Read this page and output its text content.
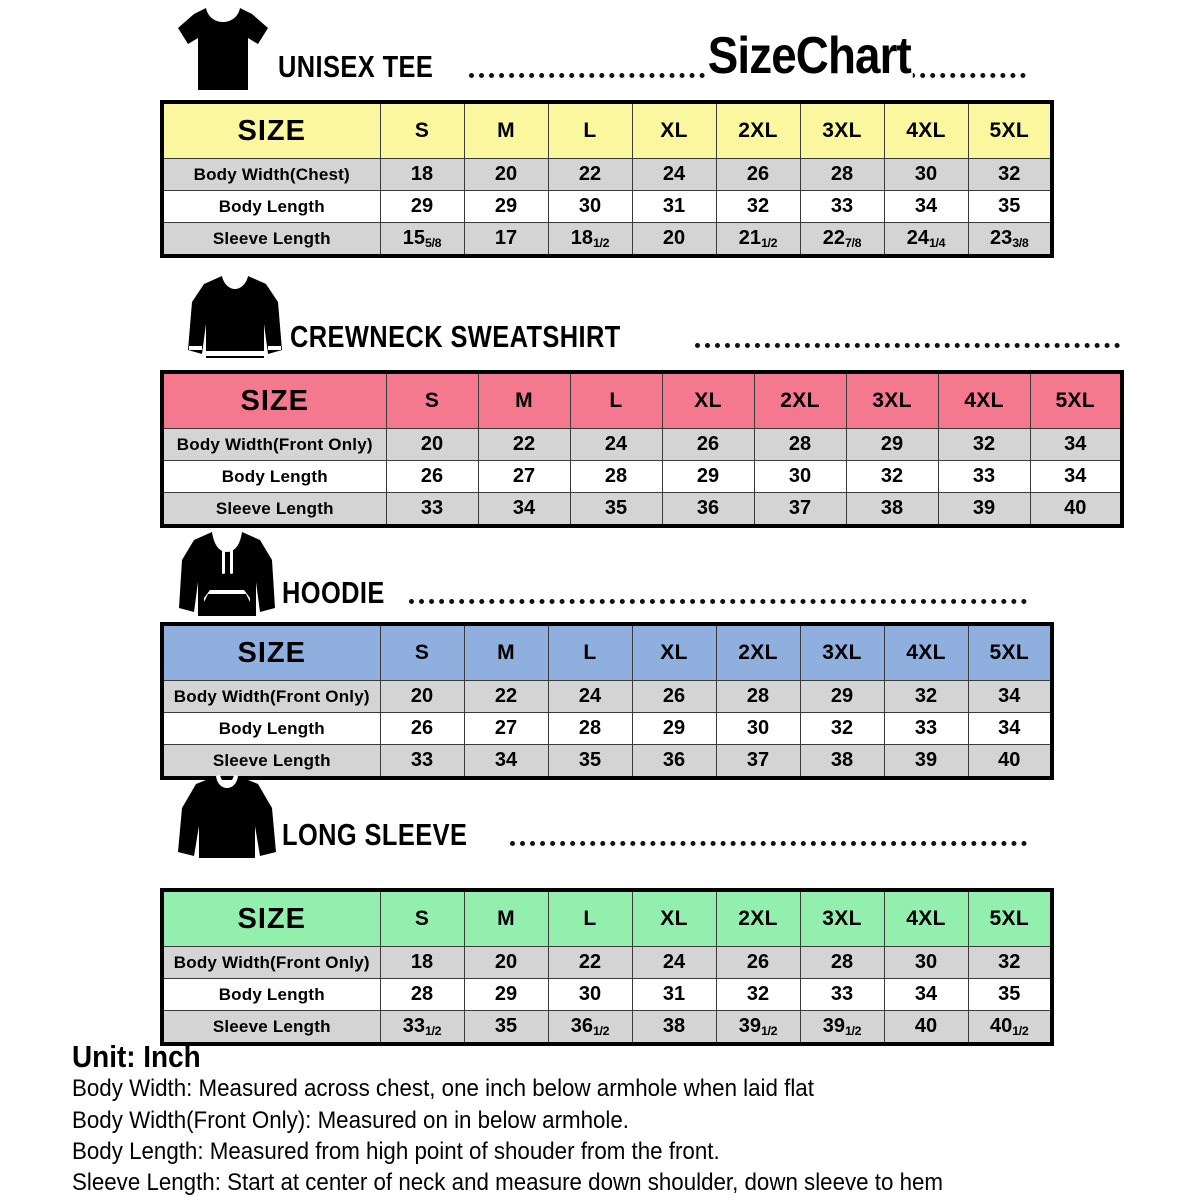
SizeChart
UNISEX TEE
SIZE	S	M	L	XL	2XL	3XL	4XL	5XL
Body Width(Chest)	18	20	22	24	26	28	30	32
Body Length	29	29	30	31	32	33	34	35
Sleeve Length	155/8	17	181/2	20	211/2	227/8	241/4	233/8
CREWNECK SWEATSHIRT
SIZE	S	M	L	XL	2XL	3XL	4XL	5XL
Body Width(Front Only)	20	22	24	26	28	29	32	34
Body Length	26	27	28	29	30	32	33	34
Sleeve Length	33	34	35	36	37	38	39	40
HOODIE
SIZE	S	M	L	XL	2XL	3XL	4XL	5XL
Body Width(Front Only)	20	22	24	26	28	29	32	34
Body Length	26	27	28	29	30	32	33	34
Sleeve Length	33	34	35	36	37	38	39	40
LONG SLEEVE
SIZE	S	M	L	XL	2XL	3XL	4XL	5XL
Body Width(Front Only)	18	20	22	24	26	28	30	32
Body Length	28	29	30	31	32	33	34	35
Sleeve Length	331/2	35	361/2	38	391/2	391/2	40	401/2
Unit: Inch
Body Width: Measured across chest, one inch below armhole when laid flat
Body Width(Front Only): Measured on in below armhole.
Body Length: Measured from high point of shouder from the front.
Sleeve Length: Start at center of neck and measure down shoulder, down sleeve to hem
